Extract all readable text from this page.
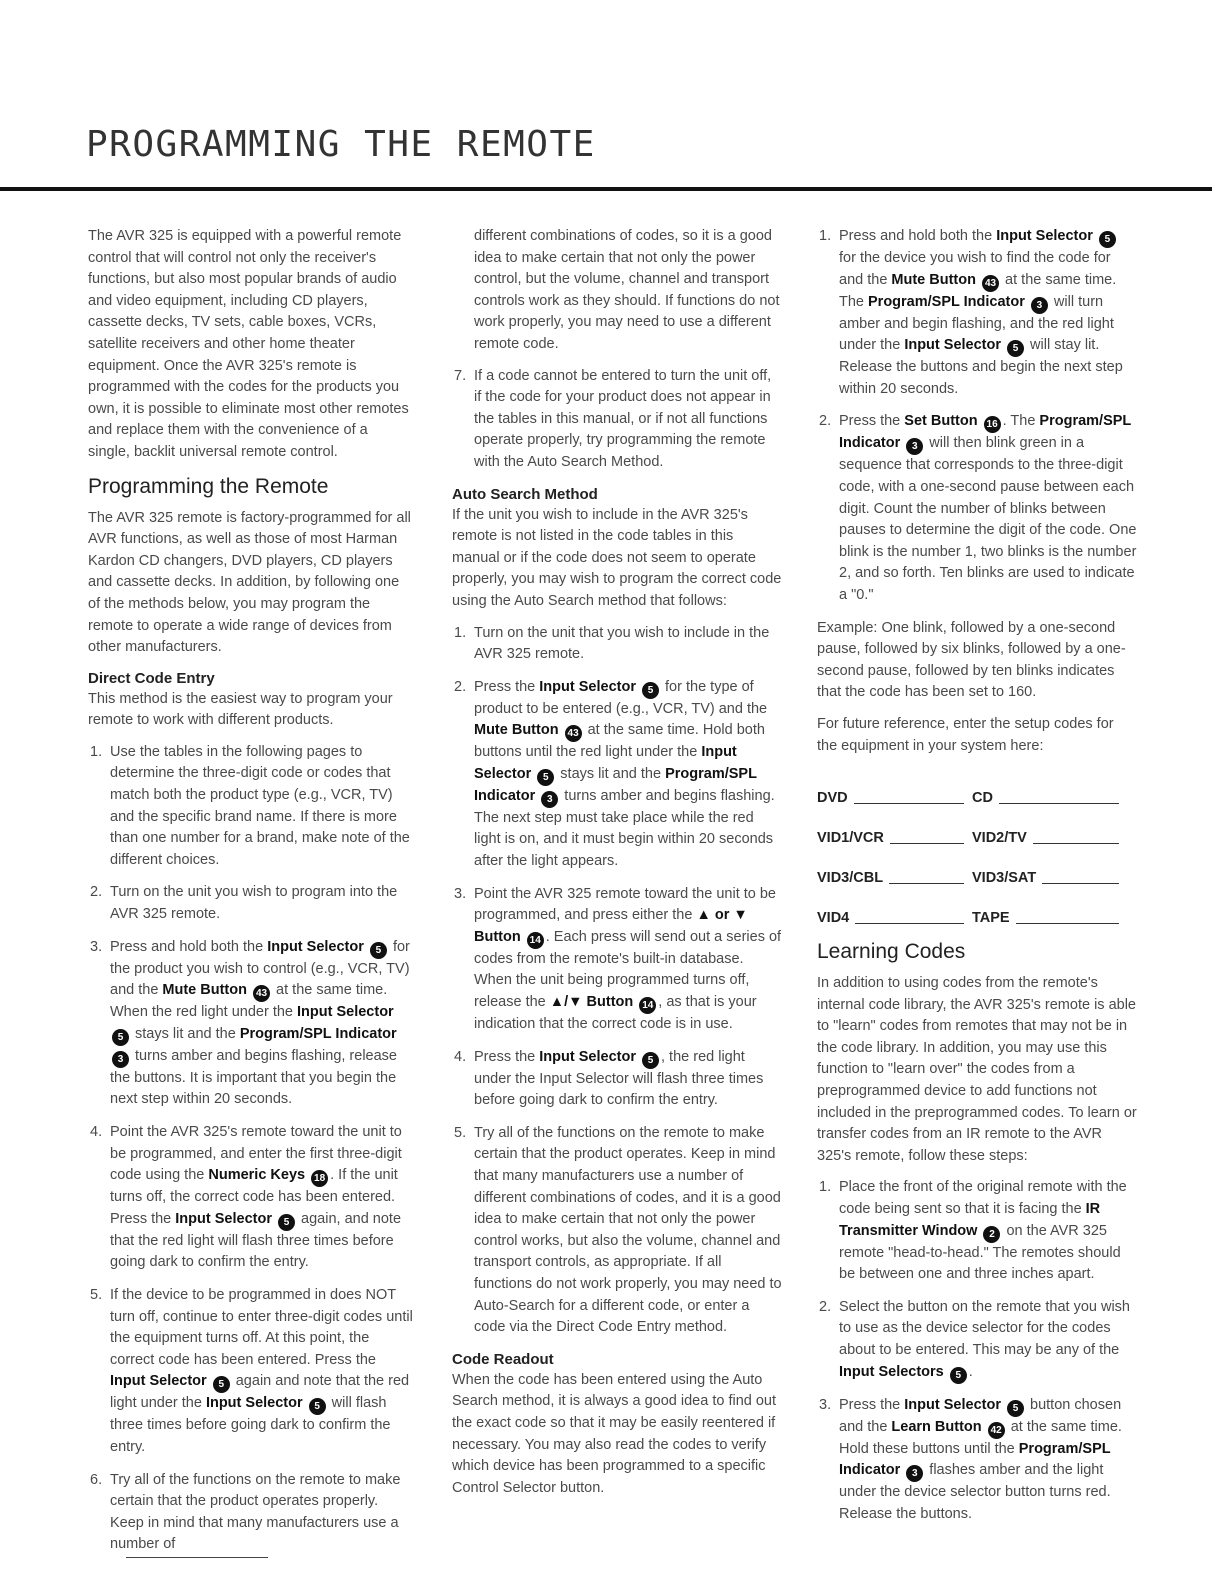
PROGRAMMING THE REMOTE

The AVR 325 is equipped with a powerful remote control that will control not only the receiver's functions, but also most popular brands of audio and video equipment, including CD players, cassette decks, TV sets, cable boxes, VCRs, satellite receivers and other home theater equipment. Once the AVR 325's remote is programmed with the codes for the products you own, it is possible to eliminate most other remotes and replace them with the convenience of a single, backlit universal remote control.

Programming the Remote

The AVR 325 remote is factory-programmed for all AVR functions, as well as those of most Harman Kardon CD changers, DVD players, CD players and cassette decks. In addition, by following one of the methods below, you may program the remote to operate a wide range of devices from other manufacturers.

Direct Code Entry

This method is the easiest way to program your remote to work with different products.

1. Use the tables in the following pages to determine the three-digit code or codes that match both the product type (e.g., VCR, TV) and the specific brand name. If there is more than one number for a brand, make note of the different choices.
2. Turn on the unit you wish to program into the AVR 325 remote.
3. Press and hold both the Input Selector 5 for the product you wish to control (e.g., VCR, TV) and the Mute Button 43 at the same time. When the red light under the Input Selector 5 stays lit and the Program/SPL Indicator 3 turns amber and begins flashing, release the buttons. It is important that you begin the next step within 20 seconds.
4. Point the AVR 325's remote toward the unit to be programmed, and enter the first three-digit code using the Numeric Keys 18 . If the unit turns off, the correct code has been entered. Press the Input Selector 5 again, and note that the red light will flash three times before going dark to confirm the entry.
5. If the device to be programmed in does NOT turn off, continue to enter three-digit codes until the equipment turns off. At this point, the correct code has been entered. Press the Input Selector 5 again and note that the red light under the Input Selector 5 will flash three times before going dark to confirm the entry.
6. Try all of the functions on the remote to make certain that the product operates properly. Keep in mind that many manufacturers use a number of

different combinations of codes, so it is a good idea to make certain that not only the power control, but the volume, channel and transport controls work as they should. If functions do not work properly, you may need to use a different remote code.

7. If a code cannot be entered to turn the unit off, if the code for your product does not appear in the tables in this manual, or if not all functions operate properly, try programming the remote with the Auto Search Method.
Auto Search Method

If the unit you wish to include in the AVR 325's remote is not listed in the code tables in this manual or if the code does not seem to operate properly, you may wish to program the correct code using the Auto Search method that follows:

1. Turn on the unit that you wish to include in the AVR 325 remote.
2. Press the Input Selector 5 for the type of product to be entered (e.g., VCR, TV) and the Mute Button 43 at the same time. Hold both buttons until the red light under the Input Selector 5 stays lit and the Program/SPL Indicator 3 turns amber and begins flashing. The next step must take place while the red light is on, and it must begin within 20 seconds after the light appears.
3. Point the AVR 325 remote toward the unit to be programmed, and press either the ▲ or ▼ Button 14 . Each press will send out a series of codes from the remote's built-in database. When the unit being programmed turns off, release the ▲/▼ Button 14 , as that is your indication that the correct code is in use.
4. Press the Input Selector 5 , the red light under the Input Selector will flash three times before going dark to confirm the entry.
5. Try all of the functions on the remote to make certain that the product operates. Keep in mind that many manufacturers use a number of different combinations of codes, and it is a good idea to make certain that not only the power control works, but also the volume, channel and transport controls, as appropriate. If all functions do not work properly, you may need to Auto-Search for a different code, or enter a code via the Direct Code Entry method.
Code Readout

When the code has been entered using the Auto Search method, it is always a good idea to find out the exact code so that it may be easily reentered if necessary. You may also read the codes to verify which device has been programmed to a specific Control Selector button.

1. Press and hold both the Input Selector 5 for the device you wish to find the code for and the Mute Button 43 at the same time. The Program/SPL Indicator 3 will turn amber and begin flashing, and the red light under the Input Selector 5 will stay lit. Release the buttons and begin the next step within 20 seconds.
2. Press the Set Button 16 . The Program/SPL Indicator 3 will then blink green in a sequence that corresponds to the three-digit code, with a one-second pause between each digit. Count the number of blinks between pauses to determine the digit of the code. One blink is the number 1, two blinks is the number 2, and so forth. Ten blinks are used to indicate a "0."

Example: One blink, followed by a one-second pause, followed by six blinks, followed by a one-second pause, followed by ten blinks indicates that the code has been set to 160.

For future reference, enter the setup codes for the equipment in your system here:

DVD	CD
VID1/VCR	VID2/TV
VID3/CBL	VID3/SAT
VID4	TAPE
Learning Codes

In addition to using codes from the remote's internal code library, the AVR 325's remote is able to "learn" codes from remotes that may not be in the code library. In addition, you may use this function to "learn over" the codes from a preprogrammed device to add functions not included in the preprogrammed codes. To learn or transfer codes from an IR remote to the AVR 325's remote, follow these steps:

1. Place the front of the original remote with the code being sent so that it is facing the IR Transmitter Window 2 on the AVR 325 remote "head-to-head." The remotes should be between one and three inches apart.
2. Select the button on the remote that you wish to use as the device selector for the codes about to be entered. This may be any of the Input Selectors 5 .
3. Press the Input Selector 5 button chosen and the Learn Button 42 at the same time. Hold these buttons until the Program/SPL Indicator 3 flashes amber and the light under the device selector button turns red. Release the buttons.
